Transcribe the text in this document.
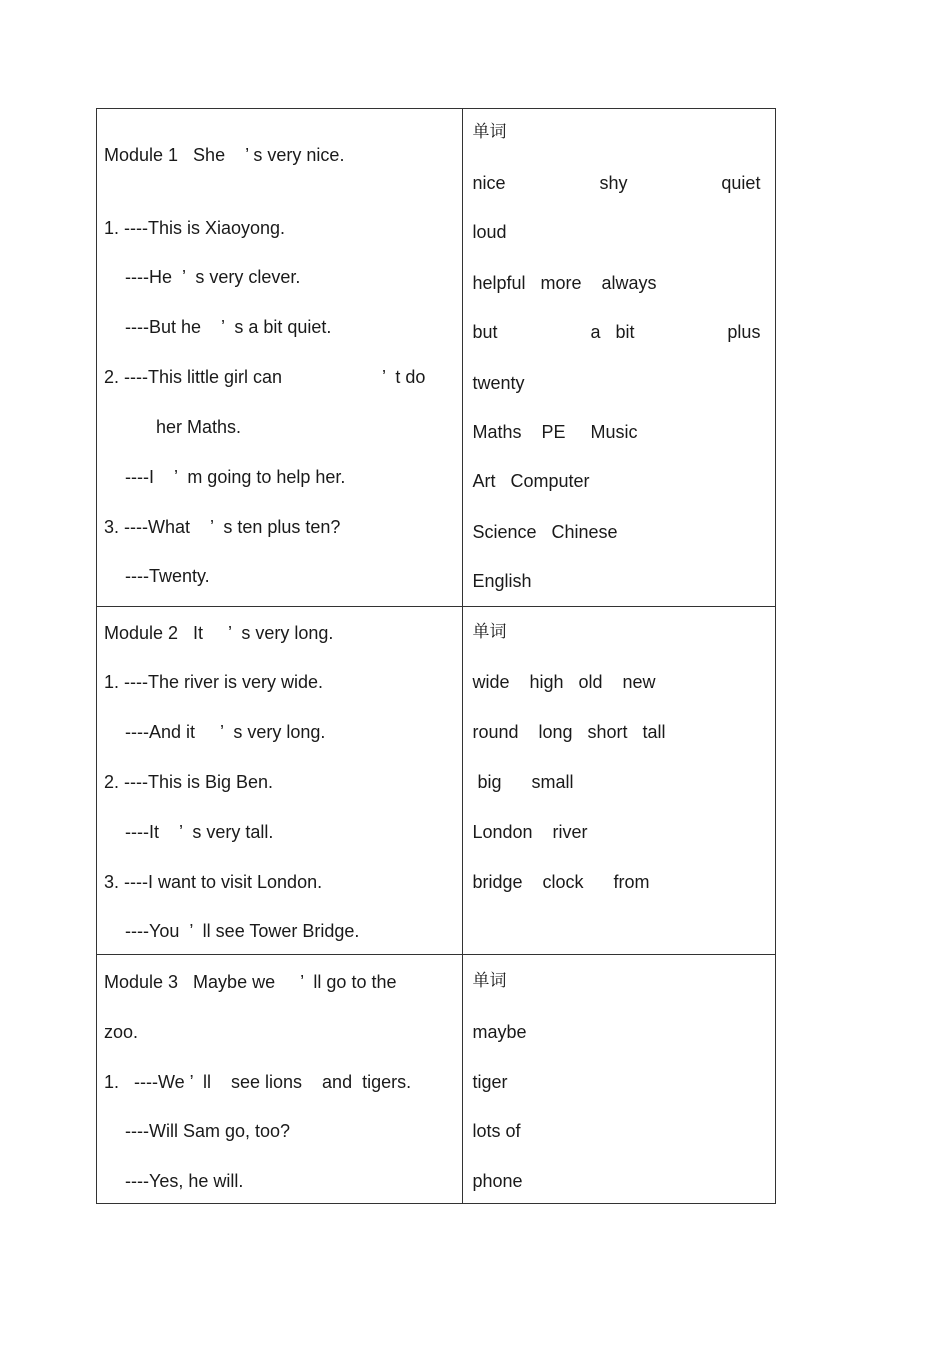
Module 1   She    ’ s very nice.
1. ----This is Xiaoyong.
----He  ’  s very clever.
----But he    ’  s a bit quiet.
2. ----This little girl can                    ’  t do
her Maths.
----I    ’  m going to help her.
3. ----What    ’  s ten plus ten?
----Twenty.
单词
nice	shy	quiet
loud
helpful   more    always
but	a   bit	plus
twenty
Maths    PE     Music
Art   Computer
Science   Chinese
English
Module 2   It     ’  s very long.
1. ----The river is very wide.
----And it     ’  s very long.
2. ----This is Big Ben.
----It    ’  s very tall.
3. ----I want to visit London.
----You  ’  ll see Tower Bridge.
单词
wide    high   old    new
round    long   short   tall
big      small
London    river
bridge    clock      from
Module 3   Maybe we     ’  ll go to the
zoo.
1.   ----We ’  ll    see lions    and  tigers.
----Will Sam go, too?
----Yes, he will.
单词
maybe
tiger
lots of
phone
